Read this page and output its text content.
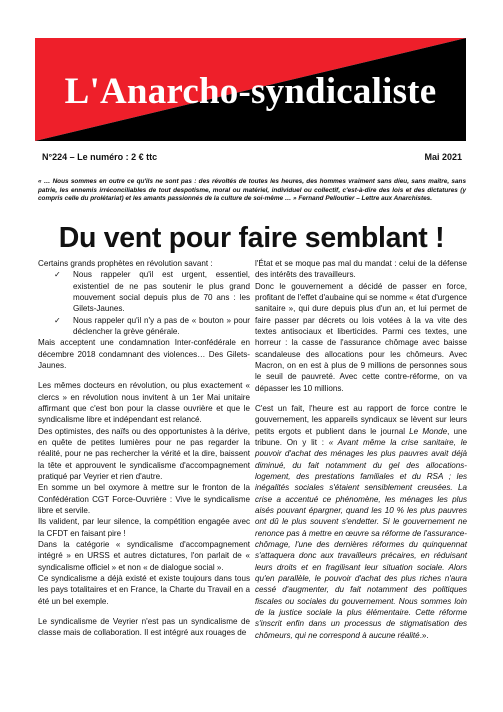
L'Anarcho-syndicaliste
N°224 – Le numéro : 2 € ttc	Mai 2021
« … Nous sommes en outre ce qu'ils ne sont pas : des révoltés de toutes les heures, des hommes vraiment sans dieu, sans maître, sans patrie, les ennemis irréconciliables de tout despotisme, moral ou matériel, individuel ou collectif, c'est-à-dire des lois et des dictatures (y compris celle du prolétariat) et les amants passionnés de la culture de soi-même … » Fernand Pelloutier – Lettre aux Anarchistes.
Du vent pour faire semblant !

Certains grands prophètes en révolution savant :

✓ Nous rappeler qu'il est urgent, essentiel, existentiel de ne pas soutenir le plus grand mouvement social depuis plus de 70 ans : les Gilets-Jaunes.
✓ Nous rappeler qu'il n'y a pas de « bouton » pour déclencher la grève générale.

Mais acceptent une condamnation Inter-confédérale en décembre 2018 condamnant des violences… Des Gilets-Jaunes.

Les mêmes docteurs en révolution, ou plus exactement « clercs » en révolution nous invitent à un 1er Mai unitaire affirmant que c'est bon pour la classe ouvrière et que le syndicalisme libre et indépendant est relancé.

Des optimistes, des naïfs ou des opportunistes à la dérive, en quête de petites lumières pour ne pas regarder la réalité, pour ne pas rechercher la vérité et la dire, baissent la tête et approuvent le syndicalisme d'accompagnement pratiqué par Veyrier et rien d'autre.

En somme un bel oxymore à mettre sur le fronton de la Confédération CGT Force-Ouvrière : Vive le syndicalisme libre et servile.

Ils valident, par leur silence, la compétition engagée avec la CFDT en faisant pire !

Dans la catégorie « syndicalisme d'accompagnement intégré » en URSS et autres dictatures, l'on parlait de « syndicalisme officiel » et non « de dialogue social ».

Ce syndicalisme a déjà existé et existe toujours dans tous les pays totalitaires et en France, la Charte du Travail en a été un bel exemple.

Le syndicalisme de Veyrier n'est pas un syndicalisme de classe mais de collaboration. Il est intégré aux rouages de

l'État et se moque pas mal du mandat : celui de la défense des intérêts des travailleurs.

Donc le gouvernement a décidé de passer en force, profitant de l'effet d'aubaine qui se nomme « état d'urgence sanitaire », qui dure depuis plus d'un an, et lui permet de faire passer par décrets ou lois votées à la va vite des textes antisociaux et liberticides. Parmi ces textes, une horreur : la casse de l'assurance chômage avec baisse scandaleuse des allocations pour les chômeurs. Avec Macron, on en est à plus de 9 millions de personnes sous le seuil de pauvreté. Avec cette contre-réforme, on va dépasser les 10 millions.

C'est un fait, l'heure est au rapport de force contre le gouvernement, les appareils syndicaux se lèvent sur leurs petits ergots et publient dans le journal Le Monde, une tribune. On y lit : « Avant même la crise sanitaire, le pouvoir d'achat des ménages les plus pauvres avait déjà diminué, du fait notamment du gel des allocations-logement, des prestations familiales et du RSA ; les inégalités sociales s'étaient sensiblement creusées. La crise a accentué ce phénomène, les ménages les plus aisés pouvant épargner, quand les 10 % les plus pauvres ont dû le plus souvent s'endetter. Si le gouvernement ne renonce pas à mettre en œuvre sa réforme de l'assurance-chômage, l'une des dernières réformes du quinquennat s'attaquera donc aux travailleurs précaires, en réduisant leurs droits et en fragilisant leur situation sociale. Alors qu'en parallèle, le pouvoir d'achat des plus riches n'aura cessé d'augmenter, du fait notamment des politiques fiscales ou sociales du gouvernement. Nous sommes loin de la justice sociale la plus élémentaire. Cette réforme s'inscrit enfin dans un processus de stigmatisation des chômeurs, qui ne correspond à aucune réalité.».
